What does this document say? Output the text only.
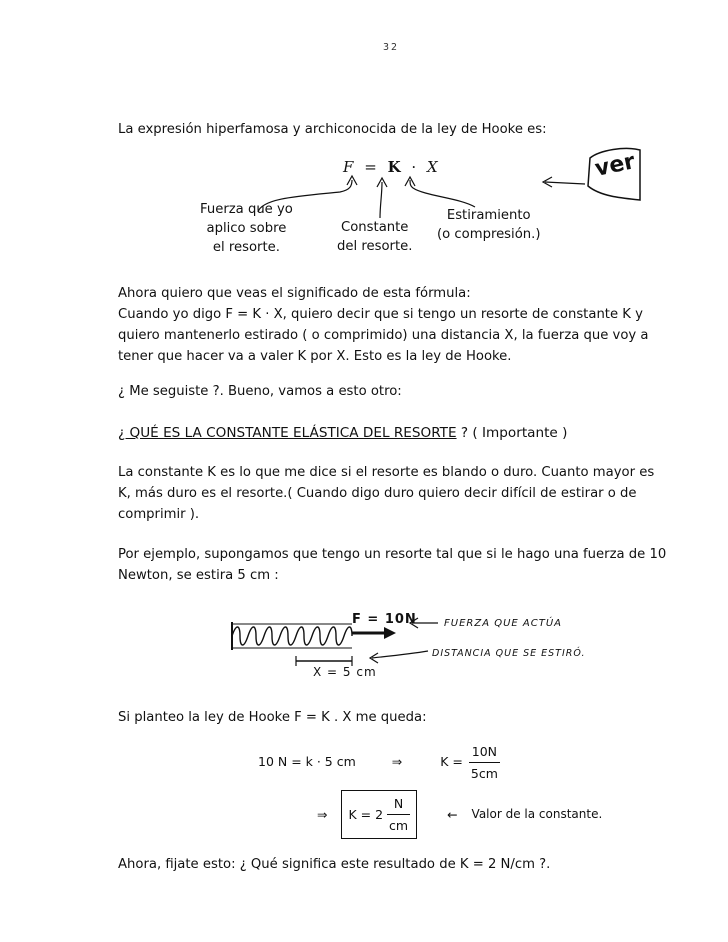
32
La expresión hiperfamosa y archiconocida de la ley de Hooke es:
F = K · X	ver
Fuerza que yo
aplico sobre
el resorte.
Constante
del resorte.
Estiramiento
(o compresión.)
Ahora quiero que veas el significado de esta fórmula:
Cuando yo digo F = K · X, quiero decir que si tengo un resorte de constante K y
quiero mantenerlo estirado ( o comprimido) una distancia X, la fuerza que voy a
tener que hacer va a valer K por X. Esto es la ley de Hooke.
¿ Me seguiste ?. Bueno, vamos a esto otro:
¿ QUÉ ES LA CONSTANTE ELÁSTICA DEL RESORTE ? ( Importante )
La constante K es lo que me dice si el resorte es blando o duro. Cuanto mayor es
K, más duro es el resorte.( Cuando digo duro quiero decir difícil de estirar o de
comprimir ).
Por ejemplo, supongamos que tengo un resorte tal que si le hago una fuerza de 10
Newton, se estira 5 cm :
F = 10N	FUERZA QUE ACTÚA
DISTANCIA QUE SE ESTIRÓ.
X = 5 cm
Si planteo la ley de Hooke F = K . X me queda:
10 N = k · 5 cm	⇒	$K = \frac{10N}{5cm}$
⇒ $K = 2 \frac{N}{cm}$	← Valor de la constante.
Ahora, fijate esto: ¿ Qué significa este resultado de K = 2 N/cm ?.
